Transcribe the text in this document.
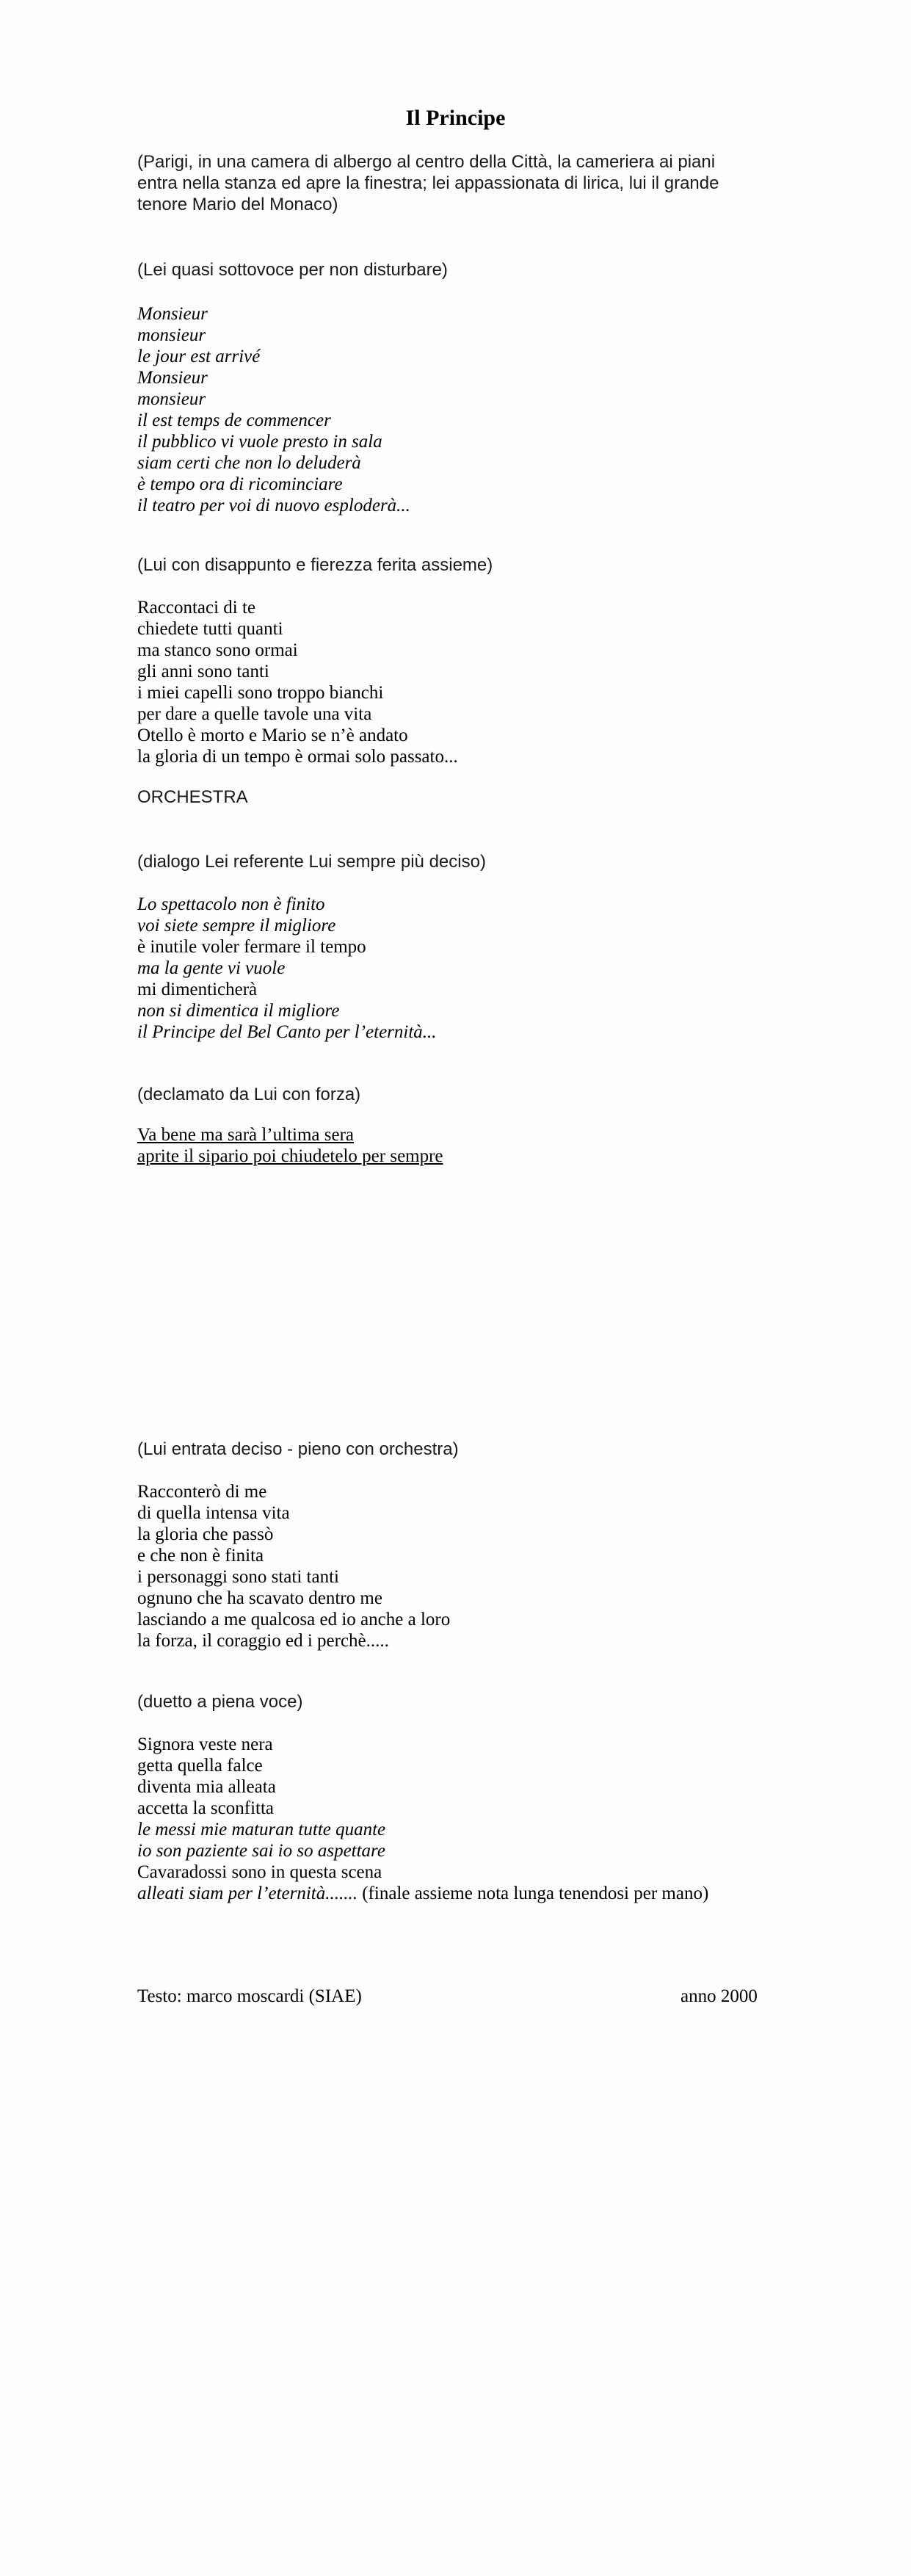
Il Principe
(Parigi, in una camera di albergo al centro della Città, la cameriera ai piani
entra nella stanza ed apre la finestra; lei appassionata di lirica, lui il grande
tenore Mario del Monaco)
(Lei quasi sottovoce per non disturbare)
Monsieur
monsieur
le jour est arrivé
Monsieur
monsieur
il est temps de commencer
il pubblico vi vuole presto in sala
siam certi che non lo deluderà
è tempo ora di ricominciare
il teatro per voi di nuovo esploderà...
(Lui con disappunto e fierezza ferita assieme)
Raccontaci di te
chiedete tutti quanti
ma stanco sono ormai
gli anni sono tanti
i miei capelli sono troppo bianchi
per dare a quelle tavole una vita
Otello è morto e Mario se n’è andato
la gloria di un tempo è ormai solo passato...
ORCHESTRA
(dialogo Lei referente Lui sempre più deciso)
Lo spettacolo non è finito
voi siete sempre il migliore
è inutile voler fermare il tempo
ma la gente vi vuole
mi dimenticherà
non si dimentica il migliore
il Principe del Bel Canto per l’eternità...
(declamato da Lui con forza)
Va bene ma sarà l’ultima sera
aprite il sipario poi chiudetelo per sempre
(Lui entrata deciso - pieno con orchestra)
Racconterò di me
di quella intensa vita
la gloria che passò
e che non è finita
i personaggi sono stati tanti
ognuno che ha scavato dentro me
lasciando a me qualcosa ed io anche a loro
la forza, il coraggio ed i perchè.....
(duetto a piena voce)
Signora veste nera
getta quella falce
diventa mia alleata
accetta la sconfitta
le messi mie maturan tutte quante
io son paziente sai io so aspettare
Cavaradossi sono in questa scena
alleati siam per l’eternità....... (finale assieme nota lunga tenendosi per mano)
Testo: marco moscardi (SIAE)	anno 2000
